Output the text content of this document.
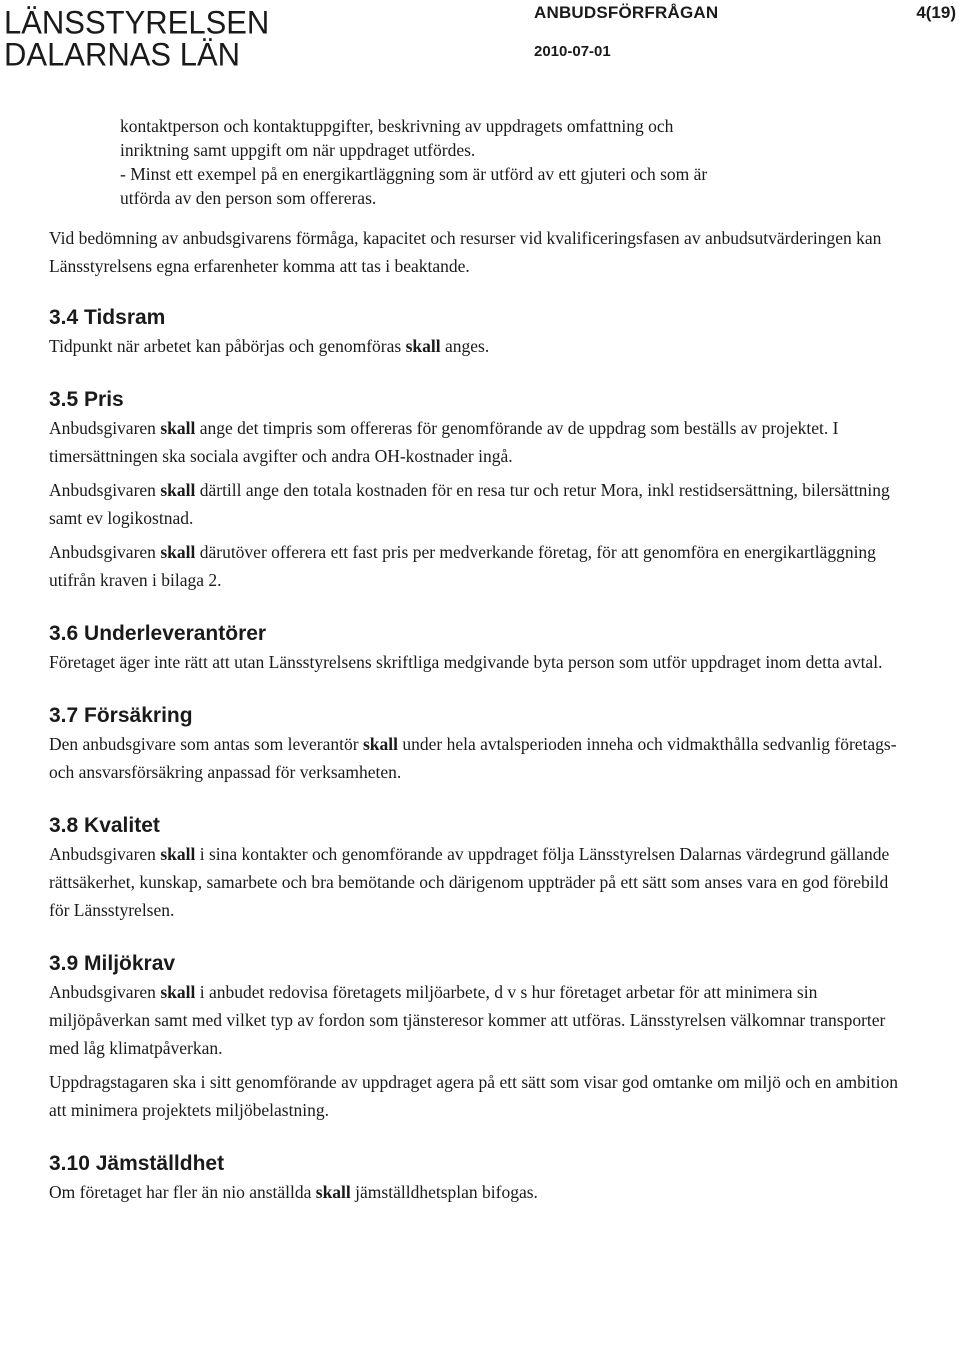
LÄNSSTYRELSEN
DALARNAS LÄN
ANBUDSFÖRFRÅGAN	4(19)
2010-07-01

kontaktperson och kontaktuppgifter, beskrivning av uppdragets omfattning och

inriktning samt uppgift om när uppdraget utfördes.

- Minst ett exempel på en energikartläggning som är utförd av ett gjuteri och som är

utförda av den person som offereras.

Vid bedömning av anbudsgivarens förmåga, kapacitet och resurser vid kvalificeringsfasen av anbudsutvärderingen kan Länsstyrelsens egna erfarenheter komma att tas i beaktande.

3.4 Tidsram

Tidpunkt när arbetet kan påbörjas och genomföras skall anges.

3.5 Pris

Anbudsgivaren skall ange det timpris som offereras för genomförande av de uppdrag som beställs av projektet. I timersättningen ska sociala avgifter och andra OH-kostnader ingå.

Anbudsgivaren skall därtill ange den totala kostnaden för en resa tur och retur Mora, inkl restidsersättning, bilersättning samt ev logikostnad.

Anbudsgivaren skall därutöver offerera ett fast pris per medverkande företag, för att genomföra en energikartläggning utifrån kraven i bilaga 2.

3.6 Underleverantörer

Företaget äger inte rätt att utan Länsstyrelsens skriftliga medgivande byta person som utför uppdraget inom detta avtal.

3.7 Försäkring

Den anbudsgivare som antas som leverantör skall under hela avtalsperioden inneha och vidmakthålla sedvanlig företags- och ansvarsförsäkring anpassad för verksamheten.

3.8 Kvalitet

Anbudsgivaren skall i sina kontakter och genomförande av uppdraget följa Länsstyrelsen Dalarnas värdegrund gällande rättsäkerhet, kunskap, samarbete och bra bemötande och därigenom uppträder på ett sätt som anses vara en god förebild för Länsstyrelsen.

3.9 Miljökrav

Anbudsgivaren skall i anbudet redovisa företagets miljöarbete, d v s hur företaget arbetar för att minimera sin miljöpåverkan samt med vilket typ av fordon som tjänsteresor kommer att utföras. Länsstyrelsen välkomnar transporter med låg klimatpåverkan.

Uppdragstagaren ska i sitt genomförande av uppdraget agera på ett sätt som visar god omtanke om miljö och en ambition att minimera projektets miljöbelastning.

3.10 Jämställdhet

Om företaget har fler än nio anställda skall jämställdhetsplan bifogas.
